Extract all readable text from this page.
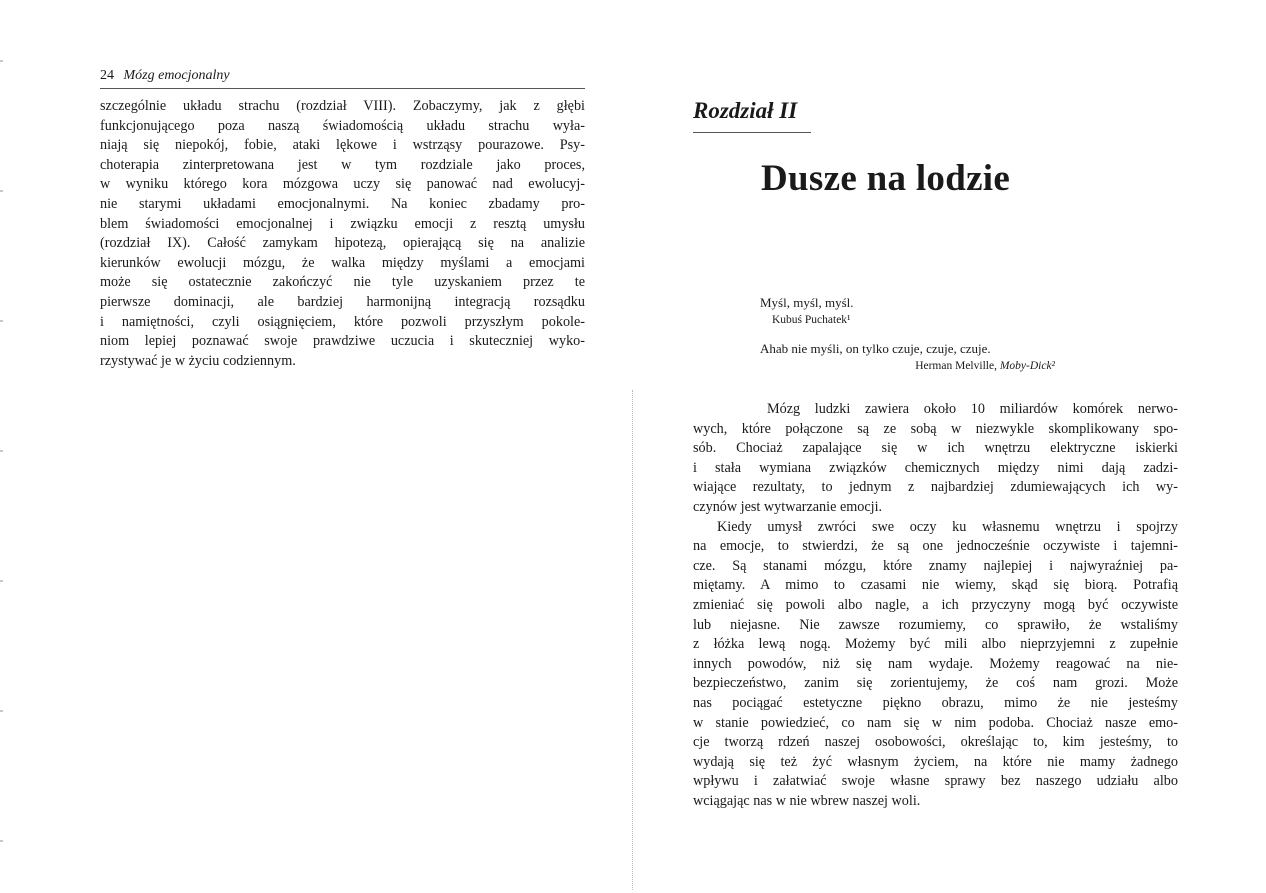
24 Mózg emocjonalny

szczególnie układu strachu (rozdział VIII). Zobaczymy, jak z głębi
funkcjonującego poza naszą świadomością układu strachu wyła-
niają się niepokój, fobie, ataki lękowe i wstrząsy pourazowe. Psy-
choterapia zinterpretowana jest w tym rozdziale jako proces,
w wyniku którego kora mózgowa uczy się panować nad ewolucyj-
nie starymi układami emocjonalnymi. Na koniec zbadamy pro-
blem świadomości emocjonalnej i związku emocji z resztą umysłu
(rozdział IX). Całość zamykam hipotezą, opierającą się na analizie
kierunków ewolucji mózgu, że walka między myślami a emocjami
może się ostatecznie zakończyć nie tyle uzyskaniem przez te
pierwsze dominacji, ale bardziej harmonijną integracją rozsądku
i namiętności, czyli osiągnięciem, które pozwoli przyszłym pokole-
niom lepiej poznawać swoje prawdziwe uczucia i skuteczniej wyko-
rzystywać je w życiu codziennym.

Rozdział II
Dusze na lodzie

Myśl, myśl, myśl.

Kubuś Puchatek¹

Ahab nie myśli, on tylko czuje, czuje, czuje.

Herman Melville, Moby-Dick²

Mózg ludzki zawiera około 10 miliardów komórek nerwo-
wych, które połączone są ze sobą w niezwykle skomplikowany spo-
sób. Chociaż zapalające się w ich wnętrzu elektryczne iskierki
i stała wymiana związków chemicznych między nimi dają zadzi-
wiające rezultaty, to jednym z najbardziej zdumiewających ich wy-
czynów jest wytwarzanie emocji.

Kiedy umysł zwróci swe oczy ku własnemu wnętrzu i spojrzy
na emocje, to stwierdzi, że są one jednocześnie oczywiste i tajemni-
cze. Są stanami mózgu, które znamy najlepiej i najwyraźniej pa-
miętamy. A mimo to czasami nie wiemy, skąd się biorą. Potrafią
zmieniać się powoli albo nagle, a ich przyczyny mogą być oczywiste
lub niejasne. Nie zawsze rozumiemy, co sprawiło, że wstaliśmy
z łóżka lewą nogą. Możemy być mili albo nieprzyjemni z zupełnie
innych powodów, niż się nam wydaje. Możemy reagować na nie-
bezpieczeństwo, zanim się zorientujemy, że coś nam grozi. Może
nas pociągać estetyczne piękno obrazu, mimo że nie jesteśmy
w stanie powiedzieć, co nam się w nim podoba. Chociaż nasze emo-
cje tworzą rdzeń naszej osobowości, określając to, kim jesteśmy, to
wydają się też żyć własnym życiem, na które nie mamy żadnego
wpływu i załatwiać swoje własne sprawy bez naszego udziału albo
wciągając nas w nie wbrew naszej woli.
